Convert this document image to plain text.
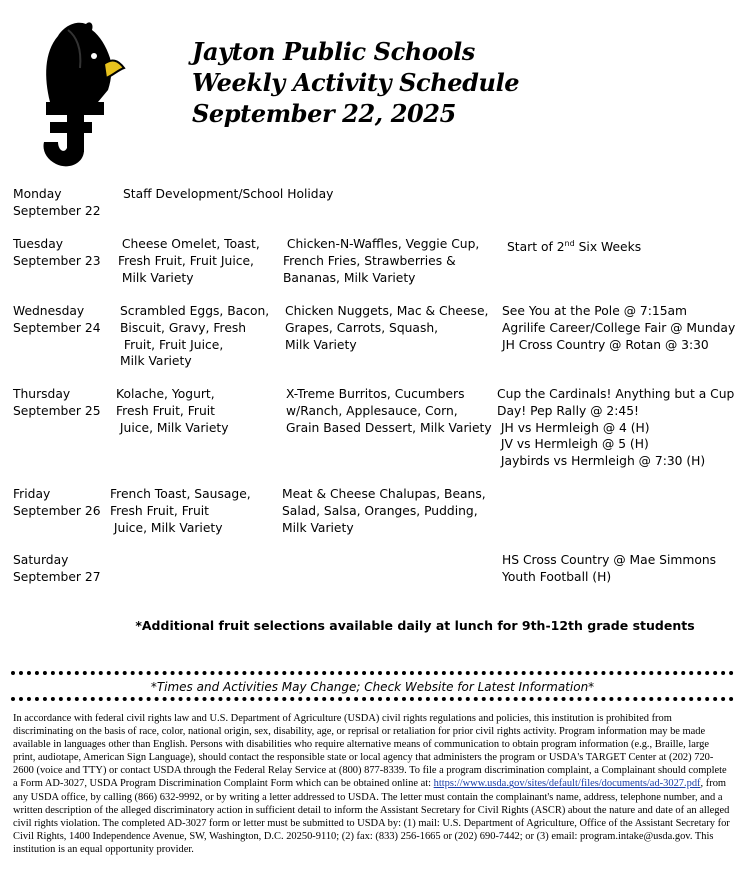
Jayton Public Schools
Weekly Activity Schedule
September 22, 2025
Monday
September 22
Staff Development/School Holiday
Tuesday
September 23
Cheese Omelet, Toast,
Fresh Fruit, Fruit Juice,
Milk Variety
Chicken-N-Waffles, Veggie Cup,
French Fries, Strawberries &
Bananas, Milk Variety
Start of 2nd Six Weeks
Wednesday
September 24
Scrambled Eggs, Bacon,
Biscuit, Gravy, Fresh
Fruit, Fruit Juice,
Milk Variety
Chicken Nuggets, Mac & Cheese,
Grapes, Carrots, Squash,
Milk Variety
See You at the Pole @ 7:15am
Agrilife Career/College Fair @ Munday
JH Cross Country @ Rotan @ 3:30
Thursday
September 25
Kolache, Yogurt,
Fresh Fruit, Fruit
Juice, Milk Variety
X-Treme Burritos, Cucumbers
w/Ranch, Applesauce, Corn,
Grain Based Dessert, Milk Variety
Cup the Cardinals! Anything but a Cup
Day! Pep Rally @ 2:45!
JH vs Hermleigh @ 4 (H)
JV vs Hermleigh @ 5 (H)
Jaybirds vs Hermleigh @ 7:30 (H)
Friday
September 26
French Toast, Sausage,
Fresh Fruit, Fruit
Juice, Milk Variety
Meat & Cheese Chalupas, Beans,
Salad, Salsa, Oranges, Pudding,
Milk Variety
Saturday
September 27
HS Cross Country @ Mae Simmons
Youth Football (H)
*Additional fruit selections available daily at lunch for 9th-12th grade students
*Times and Activities May Change; Check Website for Latest Information*
In accordance with federal civil rights law and U.S. Department of Agriculture (USDA) civil rights regulations and policies, this institution is prohibited from discriminating on the basis of race, color, national origin, sex, disability, age, or reprisal or retaliation for prior civil rights activity. Program information may be made available in languages other than English. Persons with disabilities who require alternative means of communication to obtain program information (e.g., Braille, large print, audiotape, American Sign Language), should contact the responsible state or local agency that administers the program or USDA's TARGET Center at (202) 720-2600 (voice and TTY) or contact USDA through the Federal Relay Service at (800) 877-8339. To file a program discrimination complaint, a Complainant should complete a Form AD-3027, USDA Program Discrimination Complaint Form which can be obtained online at: https://www.usda.gov/sites/default/files/documents/ad-3027.pdf, from any USDA office, by calling (866) 632-9992, or by writing a letter addressed to USDA. The letter must contain the complainant's name, address, telephone number, and a written description of the alleged discriminatory action in sufficient detail to inform the Assistant Secretary for Civil Rights (ASCR) about the nature and date of an alleged civil rights violation. The completed AD-3027 form or letter must be submitted to USDA by: (1) mail: U.S. Department of Agriculture, Office of the Assistant Secretary for Civil Rights, 1400 Independence Avenue, SW, Washington, D.C. 20250-9110; (2) fax: (833) 256-1665 or (202) 690-7442; or (3) email: program.intake@usda.gov. This institution is an equal opportunity provider.
